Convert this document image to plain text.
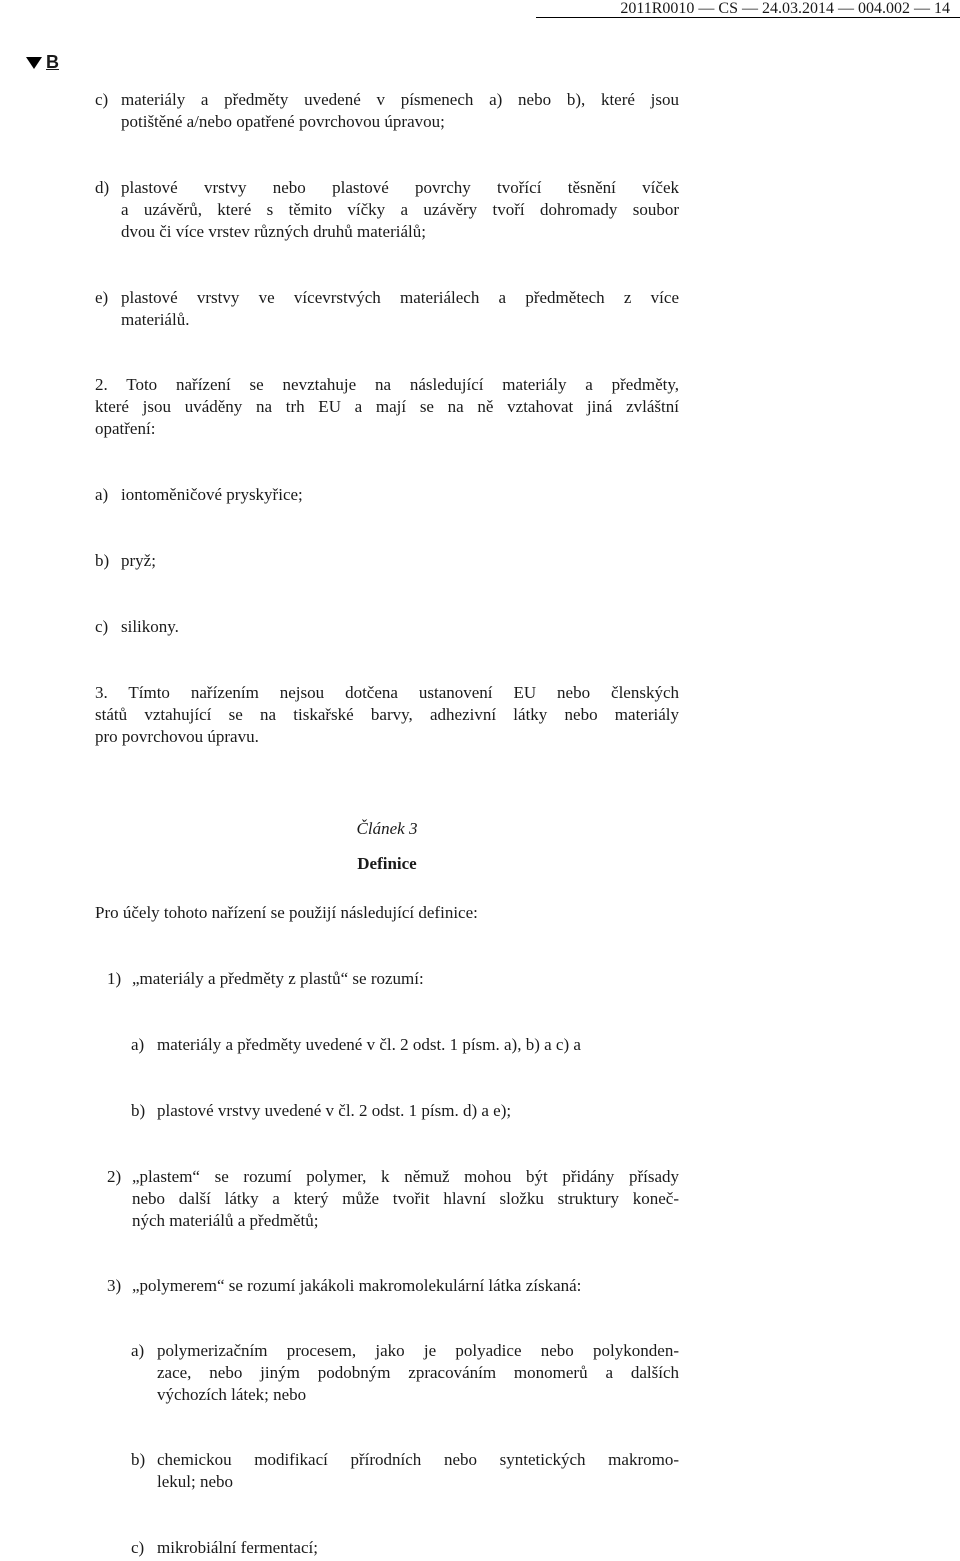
2011R0010 — CS — 24.03.2014 — 004.002 — 14
B
c) materiály a předměty uvedené v písmenech a) nebo b), které jsou
potištěné a/nebo opatřené povrchovou úpravou;
d) plastové vrstvy nebo plastové povrchy tvořící těsnění víček
a uzávěrů, které s těmito víčky a uzávěry tvoří dohromady soubor
dvou či více vrstev různých druhů materiálů;
e) plastové vrstvy ve vícevrstvých materiálech a předmětech z více
materiálů.
2. Toto nařízení se nevztahuje na následující materiály a předměty,
které jsou uváděny na trh EU a mají se na ně vztahovat jiná zvláštní
opatření:
a) iontoměničové pryskyřice;
b) pryž;
c) silikony.
3. Tímto nařízením nejsou dotčena ustanovení EU nebo členských
států vztahující se na tiskařské barvy, adhezivní látky nebo materiály
pro povrchovou úpravu.
Článek 3
Definice
Pro účely tohoto nařízení se použijí následující definice:
1) „materiály a předměty z plastů“ se rozumí:
a) materiály a předměty uvedené v čl. 2 odst. 1 písm. a), b) a c) a
b) plastové vrstvy uvedené v čl. 2 odst. 1 písm. d) a e);
2) „plastem“ se rozumí polymer, k němuž mohou být přidány přísady
nebo další látky a který může tvořit hlavní složku struktury koneč-
ných materiálů a předmětů;
3) „polymerem“ se rozumí jakákoli makromolekulární látka získaná:
a) polymerizačním procesem, jako je polyadice nebo polykonden-
zace, nebo jiným podobným zpracováním monomerů a dalších
výchozích látek; nebo
b) chemickou modifikací přírodních nebo syntetických makromo-
lekul; nebo
c) mikrobiální fermentací;
